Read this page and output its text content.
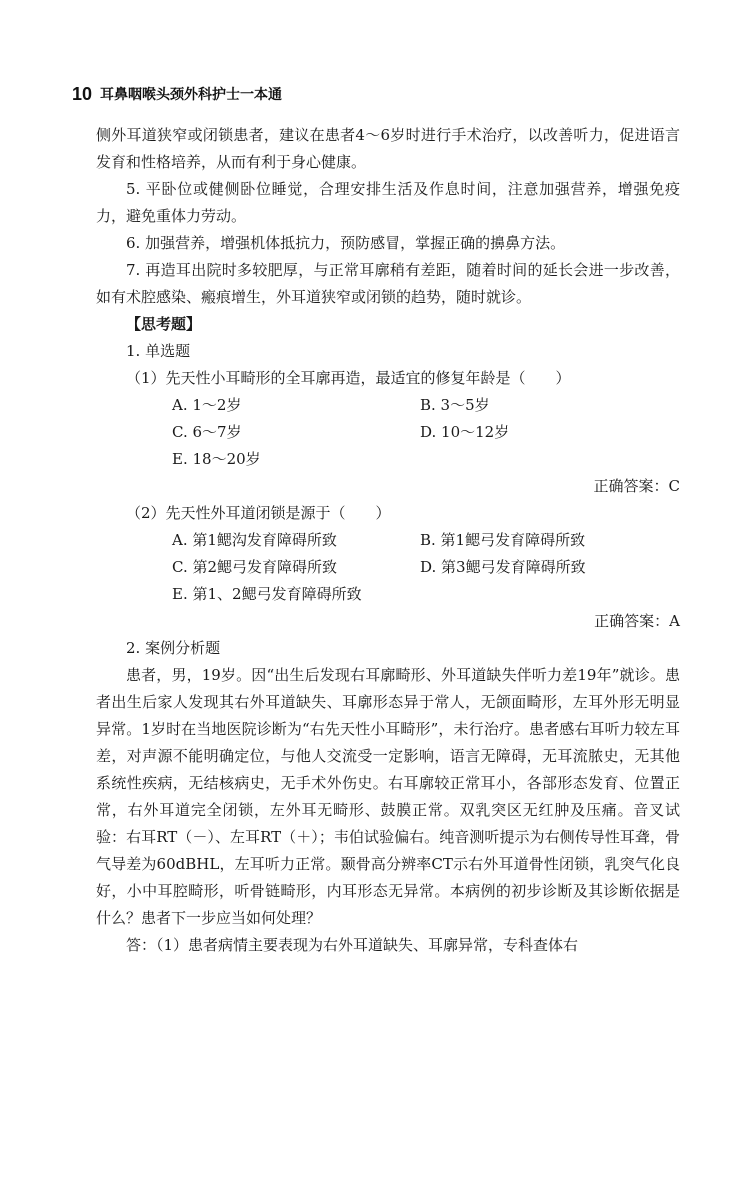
10 耳鼻咽喉头颈外科护士一本通

侧外耳道狭窄或闭锁患者，建议在患者4～6岁时进行手术治疗，以改善听力，促进语言发育和性格培养，从而有利于身心健康。

5. 平卧位或健侧卧位睡觉，合理安排生活及作息时间，注意加强营养，增强免疫力，避免重体力劳动。

6. 加强营养，增强机体抵抗力，预防感冒，掌握正确的擤鼻方法。

7. 再造耳出院时多较肥厚，与正常耳廓稍有差距，随着时间的延长会进一步改善，如有术腔感染、瘢痕增生，外耳道狭窄或闭锁的趋势，随时就诊。

【思考题】

1. 单选题

（1）先天性小耳畸形的全耳廓再造，最适宜的修复年龄是（　　）

A. 1～2岁	B. 3～5岁
C. 6～7岁	D. 10～12岁
E. 18～20岁

正确答案：C

（2）先天性外耳道闭锁是源于（　　）

A. 第1鳃沟发育障碍所致	B. 第1鳃弓发育障碍所致
C. 第2鳃弓发育障碍所致	D. 第3鳃弓发育障碍所致
E. 第1、2鳃弓发育障碍所致

正确答案：A

2. 案例分析题

患者，男，19岁。因“出生后发现右耳廓畸形、外耳道缺失伴听力差19年”就诊。患者出生后家人发现其右外耳道缺失、耳廓形态异于常人，无颌面畸形，左耳外形无明显异常。1岁时在当地医院诊断为“右先天性小耳畸形”，未行治疗。患者感右耳听力较左耳差，对声源不能明确定位，与他人交流受一定影响，语言无障碍，无耳流脓史，无其他系统性疾病，无结核病史，无手术外伤史。右耳廓较正常耳小，各部形态发育、位置正常，右外耳道完全闭锁，左外耳无畸形、鼓膜正常。双乳突区无红肿及压痛。音叉试验：右耳RT（－）、左耳RT（＋）；韦伯试验偏右。纯音测听提示为右侧传导性耳聋，骨气导差为60dBHL，左耳听力正常。颞骨高分辨率CT示右外耳道骨性闭锁，乳突气化良好，小中耳腔畸形，听骨链畸形，内耳形态无异常。本病例的初步诊断及其诊断依据是什么？患者下一步应当如何处理？

答：（1）患者病情主要表现为右外耳道缺失、耳廓异常，专科查体右
